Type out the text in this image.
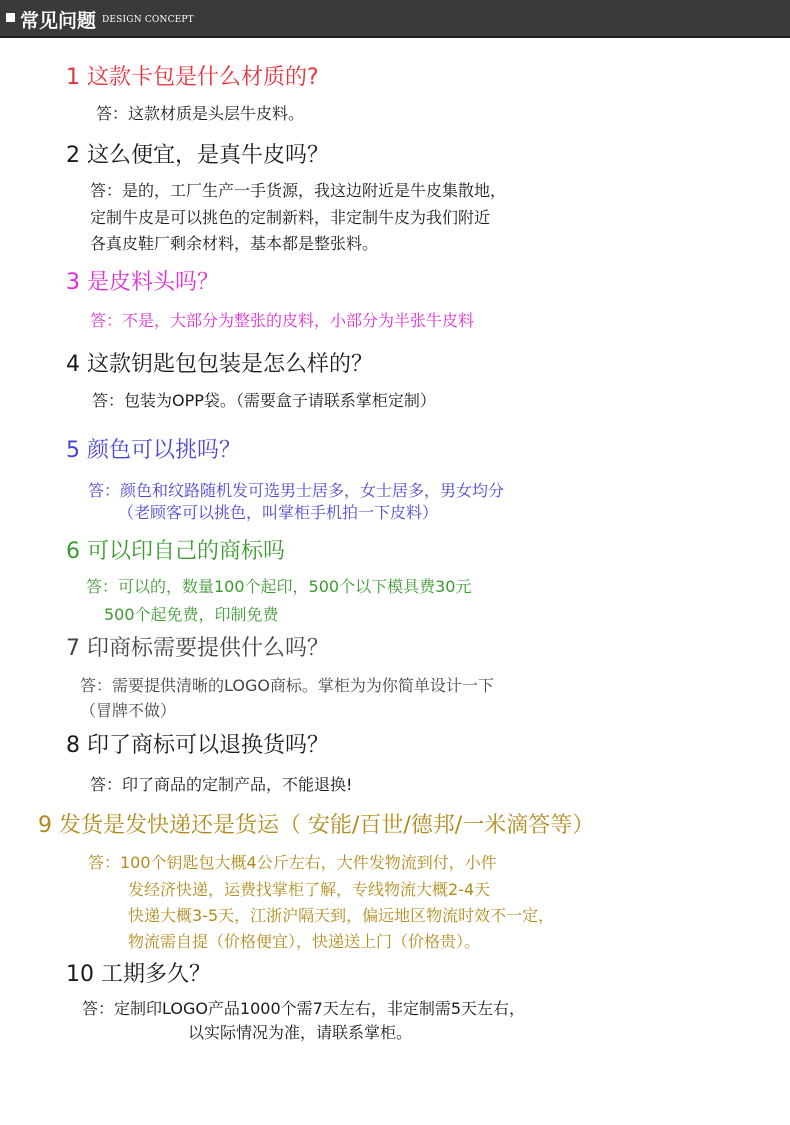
常见问题 DESIGN CONCEPT
1 这款卡包是什么材质的?
答：这款材质是头层牛皮料。
2 这么便宜，是真牛皮吗？
答：是的，工厂生产一手货源，我这边附近是牛皮集散地，
定制牛皮是可以挑色的定制新料，非定制牛皮为我们附近
各真皮鞋厂剩余材料，基本都是整张料。
3 是皮料头吗？
答：不是，大部分为整张的皮料，小部分为半张牛皮料
4 这款钥匙包包装是怎么样的？
答：包装为OPP袋。（需要盒子请联系掌柜定制）
5 颜色可以挑吗？
答：颜色和纹路随机发可选男士居多，女士居多，男女均分
（老顾客可以挑色，叫掌柜手机拍一下皮料）
6 可以印自己的商标吗
答：可以的，数量100个起印，500个以下模具费30元
500个起免费，印制免费
7 印商标需要提供什么吗？
答：需要提供清晰的LOGO商标。掌柜为为你简单设计一下
（冒牌不做）
8 印了商标可以退换货吗？
答：印了商品的定制产品，不能退换!
9 发货是发快递还是货运（ 安能/百世/德邦/一米滴答等）
答：100个钥匙包大概4公斤左右，大件发物流到付，小件
发经济快递，运费找掌柜了解，专线物流大概2-4天
快递大概3-5天，江浙沪隔天到，偏远地区物流时效不一定，
物流需自提（价格便宜），快递送上门（价格贵）。
10 工期多久？
答：定制印LOGO产品1000个需7天左右，非定制需5天左右，
以实际情况为准，请联系掌柜。
